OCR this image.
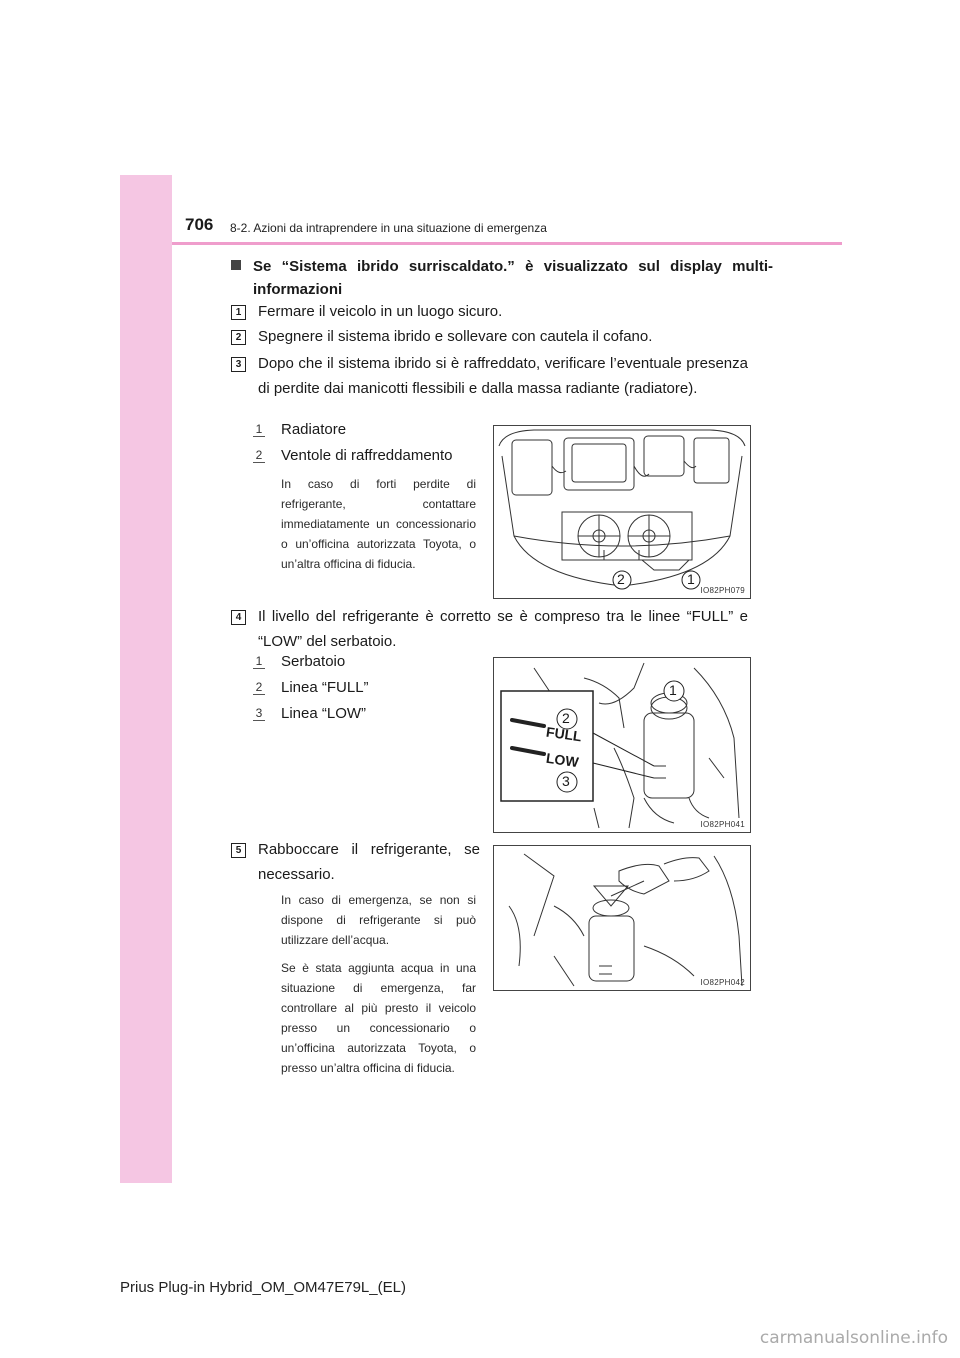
706 8-2. Azioni da intraprendere in una situazione di emergenza
Se “Sistema ibrido surriscaldato.” è visualizzato sul display multi-informazioni
1	Fermare il veicolo in un luogo sicuro.
2	Spegnere il sistema ibrido e sollevare con cautela il cofano.
3	Dopo che il sistema ibrido si è raffreddato, verificare l’eventuale presenza di perdite dai manicotti flessibili e dalla massa radiante (radiatore).
1 Radiatore
2 Ventole di raffreddamento
In caso di forti perdite di refrigerante, contattare immediatamente un concessionario o un’officina autorizzata Toyota, o un’altra officina di fiducia.
2	1
IO82PH079
4	Il livello del refrigerante è corretto se è compreso tra le linee “FULL” e “LOW” del serbatoio.
1 Serbatoio
2 Linea “FULL”
3 Linea “LOW”
FULL
LOW
2
3
1
IO82PH041
5	Rabboccare il refrigerante, se necessario.
In caso di emergenza, se non si dispone di refrigerante si può utilizzare dell’acqua.
Se è stata aggiunta acqua in una situazione di emergenza, far controllare al più presto il veicolo presso un concessionario o un’officina autorizzata Toyota, o presso un’altra officina di fiducia.
IO82PH042
Prius Plug-in Hybrid_OM_OM47E79L_(EL)
carmanualsonline.info
